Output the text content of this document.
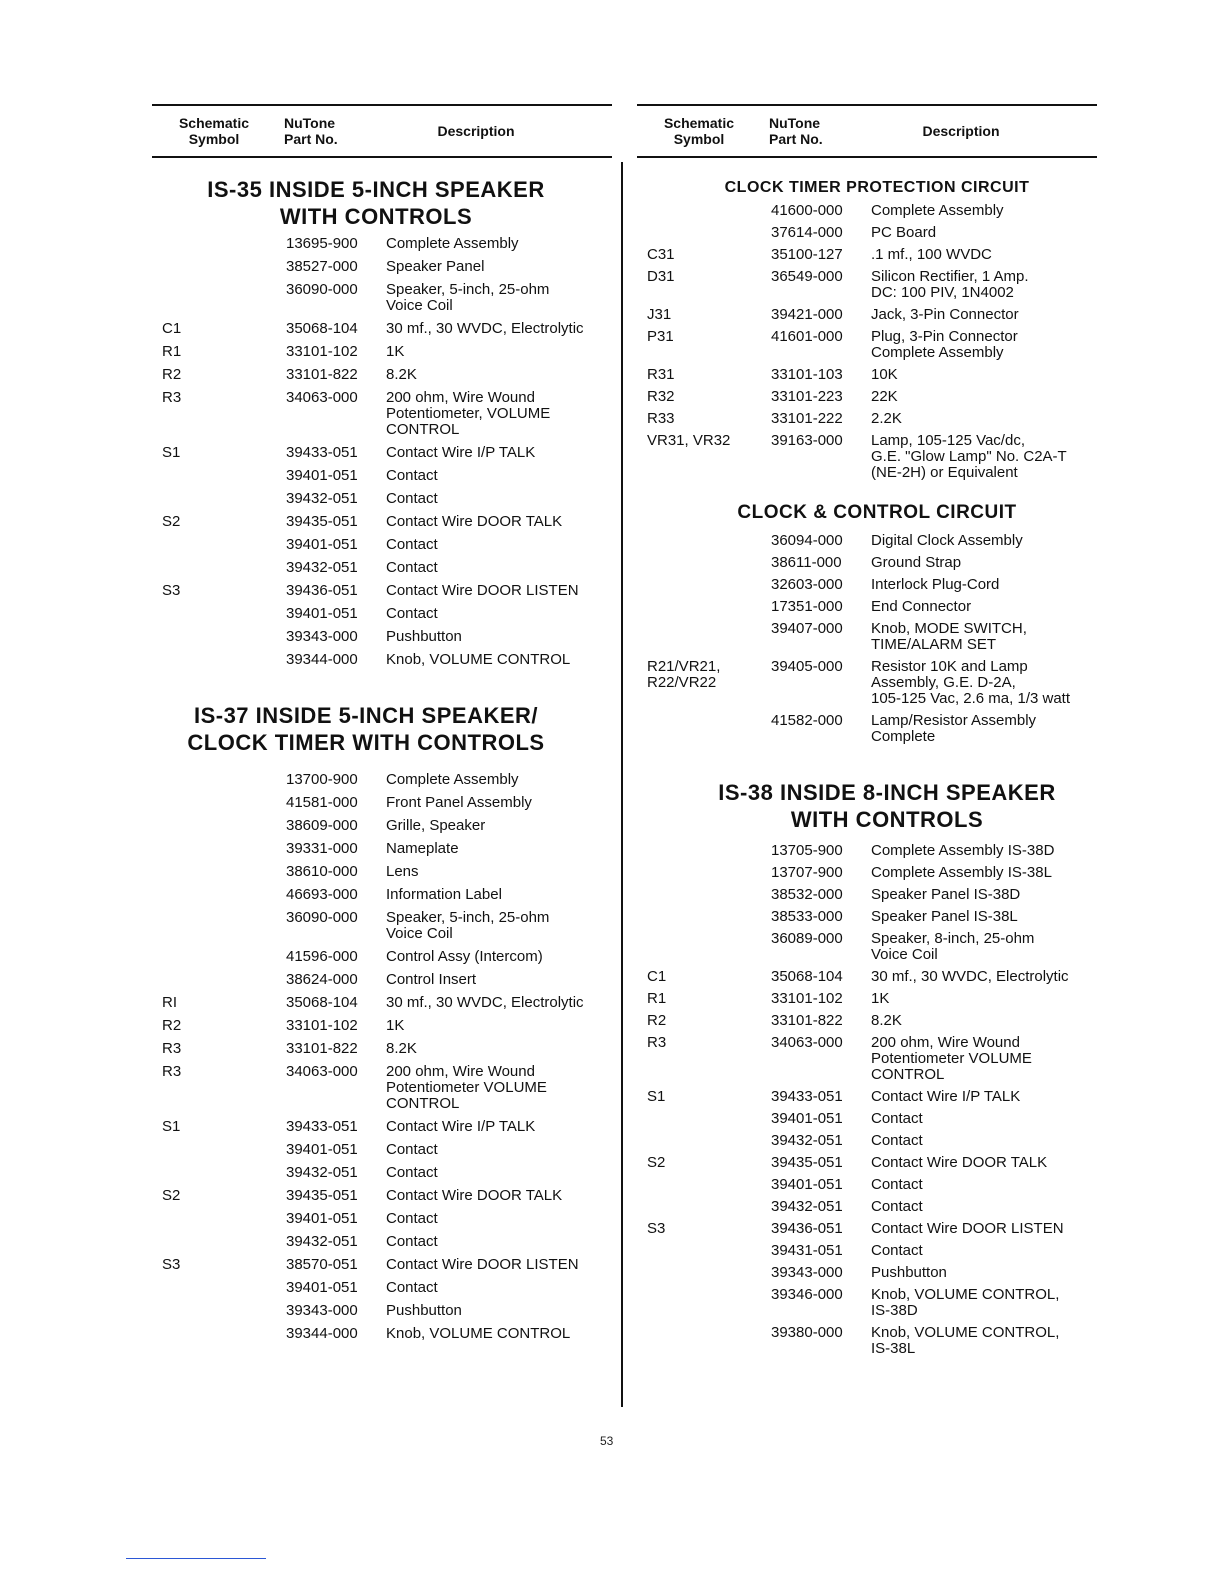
Schematic
Symbol
NuTone
Part No.	Description
IS-35 INSIDE 5-INCH SPEAKER
WITH CONTROLS
13695-900	Complete Assembly
38527-000	Speaker Panel
36090-000	Speaker, 5-inch, 25-ohm
Voice Coil
C1	35068-104	30 mf., 30 WVDC, Electrolytic
R1	33101-102	1K
R2	33101-822	8.2K
R3	34063-000	200 ohm, Wire Wound
Potentiometer, VOLUME
CONTROL
S1	39433-051	Contact Wire I/P TALK
39401-051	Contact
39432-051	Contact
S2	39435-051	Contact Wire DOOR TALK
39401-051	Contact
39432-051	Contact
S3	39436-051	Contact Wire DOOR LISTEN
39401-051	Contact
39343-000	Pushbutton
39344-000	Knob, VOLUME CONTROL
IS-37 INSIDE 5-INCH SPEAKER/
CLOCK TIMER WITH CONTROLS
13700-900	Complete Assembly
41581-000	Front Panel Assembly
38609-000	Grille, Speaker
39331-000	Nameplate
38610-000	Lens
46693-000	Information Label
36090-000	Speaker, 5-inch, 25-ohm
Voice Coil
41596-000	Control Assy (Intercom)
38624-000	Control Insert
RI	35068-104	30 mf., 30 WVDC, Electrolytic
R2	33101-102	1K
R3	33101-822	8.2K
R3	34063-000	200 ohm, Wire Wound
Potentiometer VOLUME
CONTROL
S1	39433-051	Contact Wire I/P TALK
39401-051	Contact
39432-051	Contact
S2	39435-051	Contact Wire DOOR TALK
39401-051	Contact
39432-051	Contact
S3	38570-051	Contact Wire DOOR LISTEN
39401-051	Contact
39343-000	Pushbutton
39344-000	Knob, VOLUME CONTROL
Schematic
Symbol
NuTone
Part No.	Description
CLOCK TIMER PROTECTION CIRCUIT
41600-000	Complete Assembly
37614-000	PC Board
C31	35100-127	.1 mf., 100 WVDC
D31	36549-000	Silicon Rectifier, 1 Amp.
DC: 100 PIV, 1N4002
J31	39421-000	Jack, 3-Pin Connector
P31	41601-000	Plug, 3-Pin Connector
Complete Assembly
R31	33101-103	10K
R32	33101-223	22K
R33	33101-222	2.2K
VR31, VR32	39163-000	Lamp, 105-125 Vac/dc,
G.E. "Glow Lamp" No. C2A-T
(NE-2H) or Equivalent
CLOCK & CONTROL CIRCUIT
36094-000	Digital Clock Assembly
38611-000	Ground Strap
32603-000	Interlock Plug-Cord
17351-000	End Connector
39407-000	Knob, MODE SWITCH,
TIME/ALARM SET
R21/VR21,
R22/VR22
39405-000	Resistor 10K and Lamp
Assembly, G.E. D-2A,
105-125 Vac, 2.6 ma, 1/3 watt
41582-000	Lamp/Resistor Assembly
Complete
IS-38 INSIDE 8-INCH SPEAKER
WITH CONTROLS
13705-900	Complete Assembly IS-38D
13707-900	Complete Assembly IS-38L
38532-000	Speaker Panel IS-38D
38533-000	Speaker Panel IS-38L
36089-000	Speaker, 8-inch, 25-ohm
Voice Coil
C1	35068-104	30 mf., 30 WVDC, Electrolytic
R1	33101-102	1K
R2	33101-822	8.2K
R3	34063-000	200 ohm, Wire Wound
Potentiometer VOLUME
CONTROL
S1	39433-051	Contact Wire I/P TALK
39401-051	Contact
39432-051	Contact
S2	39435-051	Contact Wire DOOR TALK
39401-051	Contact
39432-051	Contact
S3	39436-051	Contact Wire DOOR LISTEN
39431-051	Contact
39343-000	Pushbutton
39346-000	Knob, VOLUME CONTROL,
IS-38D
39380-000	Knob, VOLUME CONTROL,
IS-38L
53
